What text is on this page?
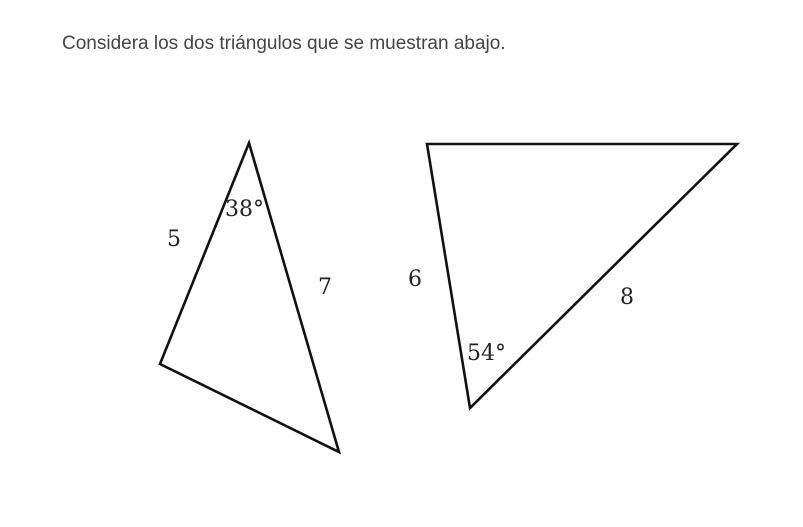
Considera los dos triángulos que se muestran abajo.

5
7
38°
6
8
54°
